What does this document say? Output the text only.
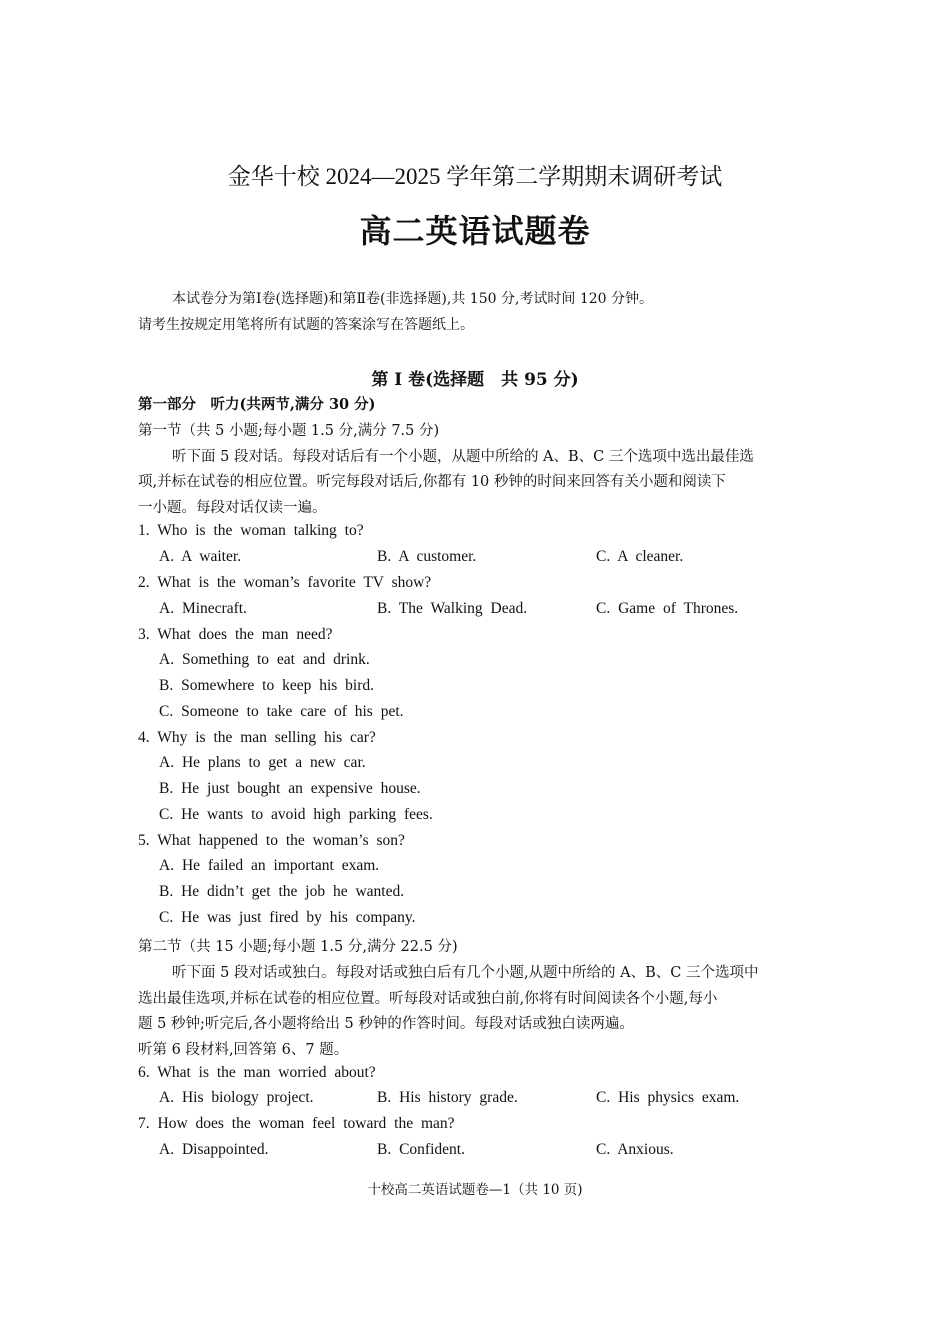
金华十校 2024—2025 学年第二学期期末调研考试
高二英语试题卷
本试卷分为第Ⅰ卷(选择题)和第Ⅱ卷(非选择题),共 150 分,考试时间 120 分钟。
请考生按规定用笔将所有试题的答案涂写在答题纸上。
第 I 卷(选择题　共 95 分)
第一部分　听力(共两节,满分 30 分)
第一节（共 5 小题;每小题 1.5 分,满分 7.5 分)
听下面 5 段对话。每段对话后有一个小题，从题中所给的 A、B、C 三个选项中选出最佳选
项,并标在试卷的相应位置。听完每段对话后,你都有 10 秒钟的时间来回答有关小题和阅读下
一小题。每段对话仅读一遍。
1. Who is the woman talking to?
A. A waiter.	B. A customer.	C. A cleaner.
2. What is the woman’s favorite TV show?
A. Minecraft.	B. The Walking Dead.	C. Game of Thrones.
3. What does the man need?
A. Something to eat and drink.
B. Somewhere to keep his bird.
C. Someone to take care of his pet.
4. Why is the man selling his car?
A. He plans to get a new car.
B. He just bought an expensive house.
C. He wants to avoid high parking fees.
5. What happened to the woman’s son?
A. He failed an important exam.
B. He didn’t get the job he wanted.
C. He was just fired by his company.
第二节（共 15 小题;每小题 1.5 分,满分 22.5 分)
听下面 5 段对话或独白。每段对话或独白后有几个小题,从题中所给的 A、B、C 三个选项中
选出最佳选项,并标在试卷的相应位置。听每段对话或独白前,你将有时间阅读各个小题,每小
题 5 秒钟;听完后,各小题将给出 5 秒钟的作答时间。每段对话或独白读两遍。
听第 6 段材料,回答第 6、7 题。
6. What is the man worried about?
A. His biology project.	B. His history grade.	C. His physics exam.
7. How does the woman feel toward the man?
A. Disappointed.	B. Confident.	C. Anxious.
十校高二英语试题卷—1（共 10 页)
